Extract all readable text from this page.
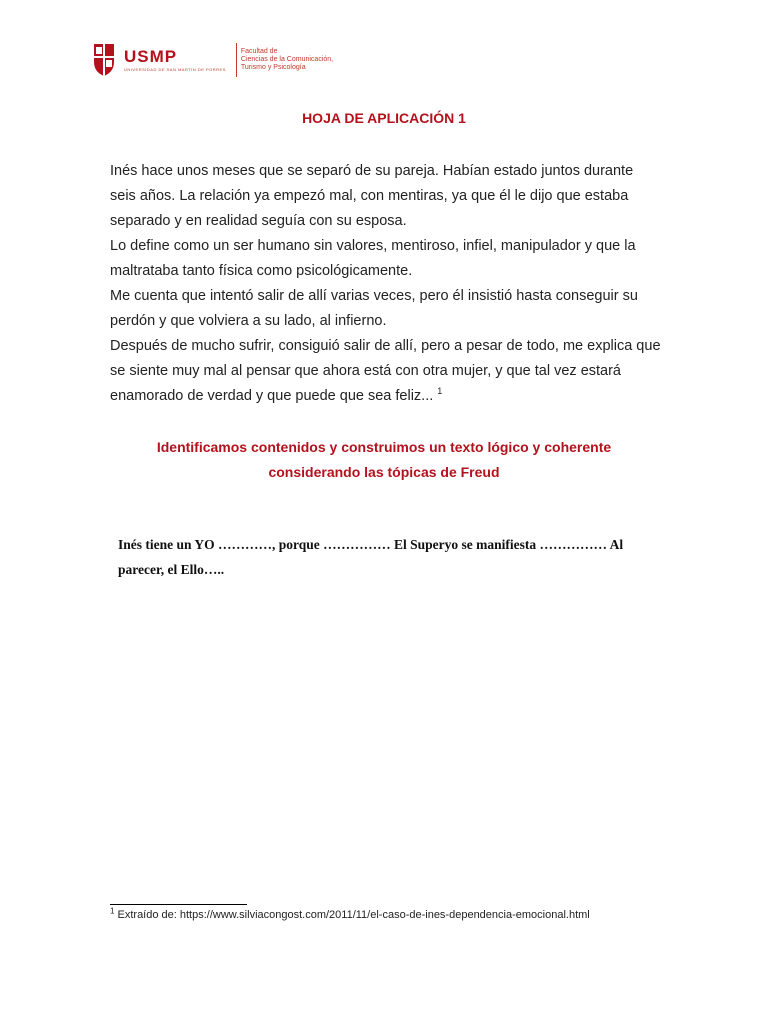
USMP
UNIVERSIDAD DE SAN MARTÍN DE PORRES
Facultad de
Ciencias de la Comunicación,
Turismo y Psicología
HOJA DE APLICACIÓN 1

Inés hace unos meses que se separó de su pareja. Habían estado juntos durante seis años. La relación ya empezó mal, con mentiras, ya que él le dijo que estaba separado y en realidad seguía con su esposa.

Lo define como un ser humano sin valores, mentiroso, infiel, manipulador y que la maltrataba tanto física como psicológicamente.

Me cuenta que intentó salir de allí varias veces, pero él insistió hasta conseguir su perdón y que volviera a su lado, al infierno.

Después de mucho sufrir, consiguió salir de allí, pero a pesar de todo, me explica que se siente muy mal al pensar que ahora está con otra mujer, y que tal vez estará enamorado de verdad y que puede que sea feliz... $^1$

Identificamos contenidos y construimos un texto lógico y coherente
considerando las tópicas de Freud
Inés tiene un YO …………, porque …………… El Superyo se manifiesta …………… Al parecer, el Ello…..
$^1$ Extraído de: https://www.silviacongost.com/2011/11/el-caso-de-ines-dependencia-emocional.html
